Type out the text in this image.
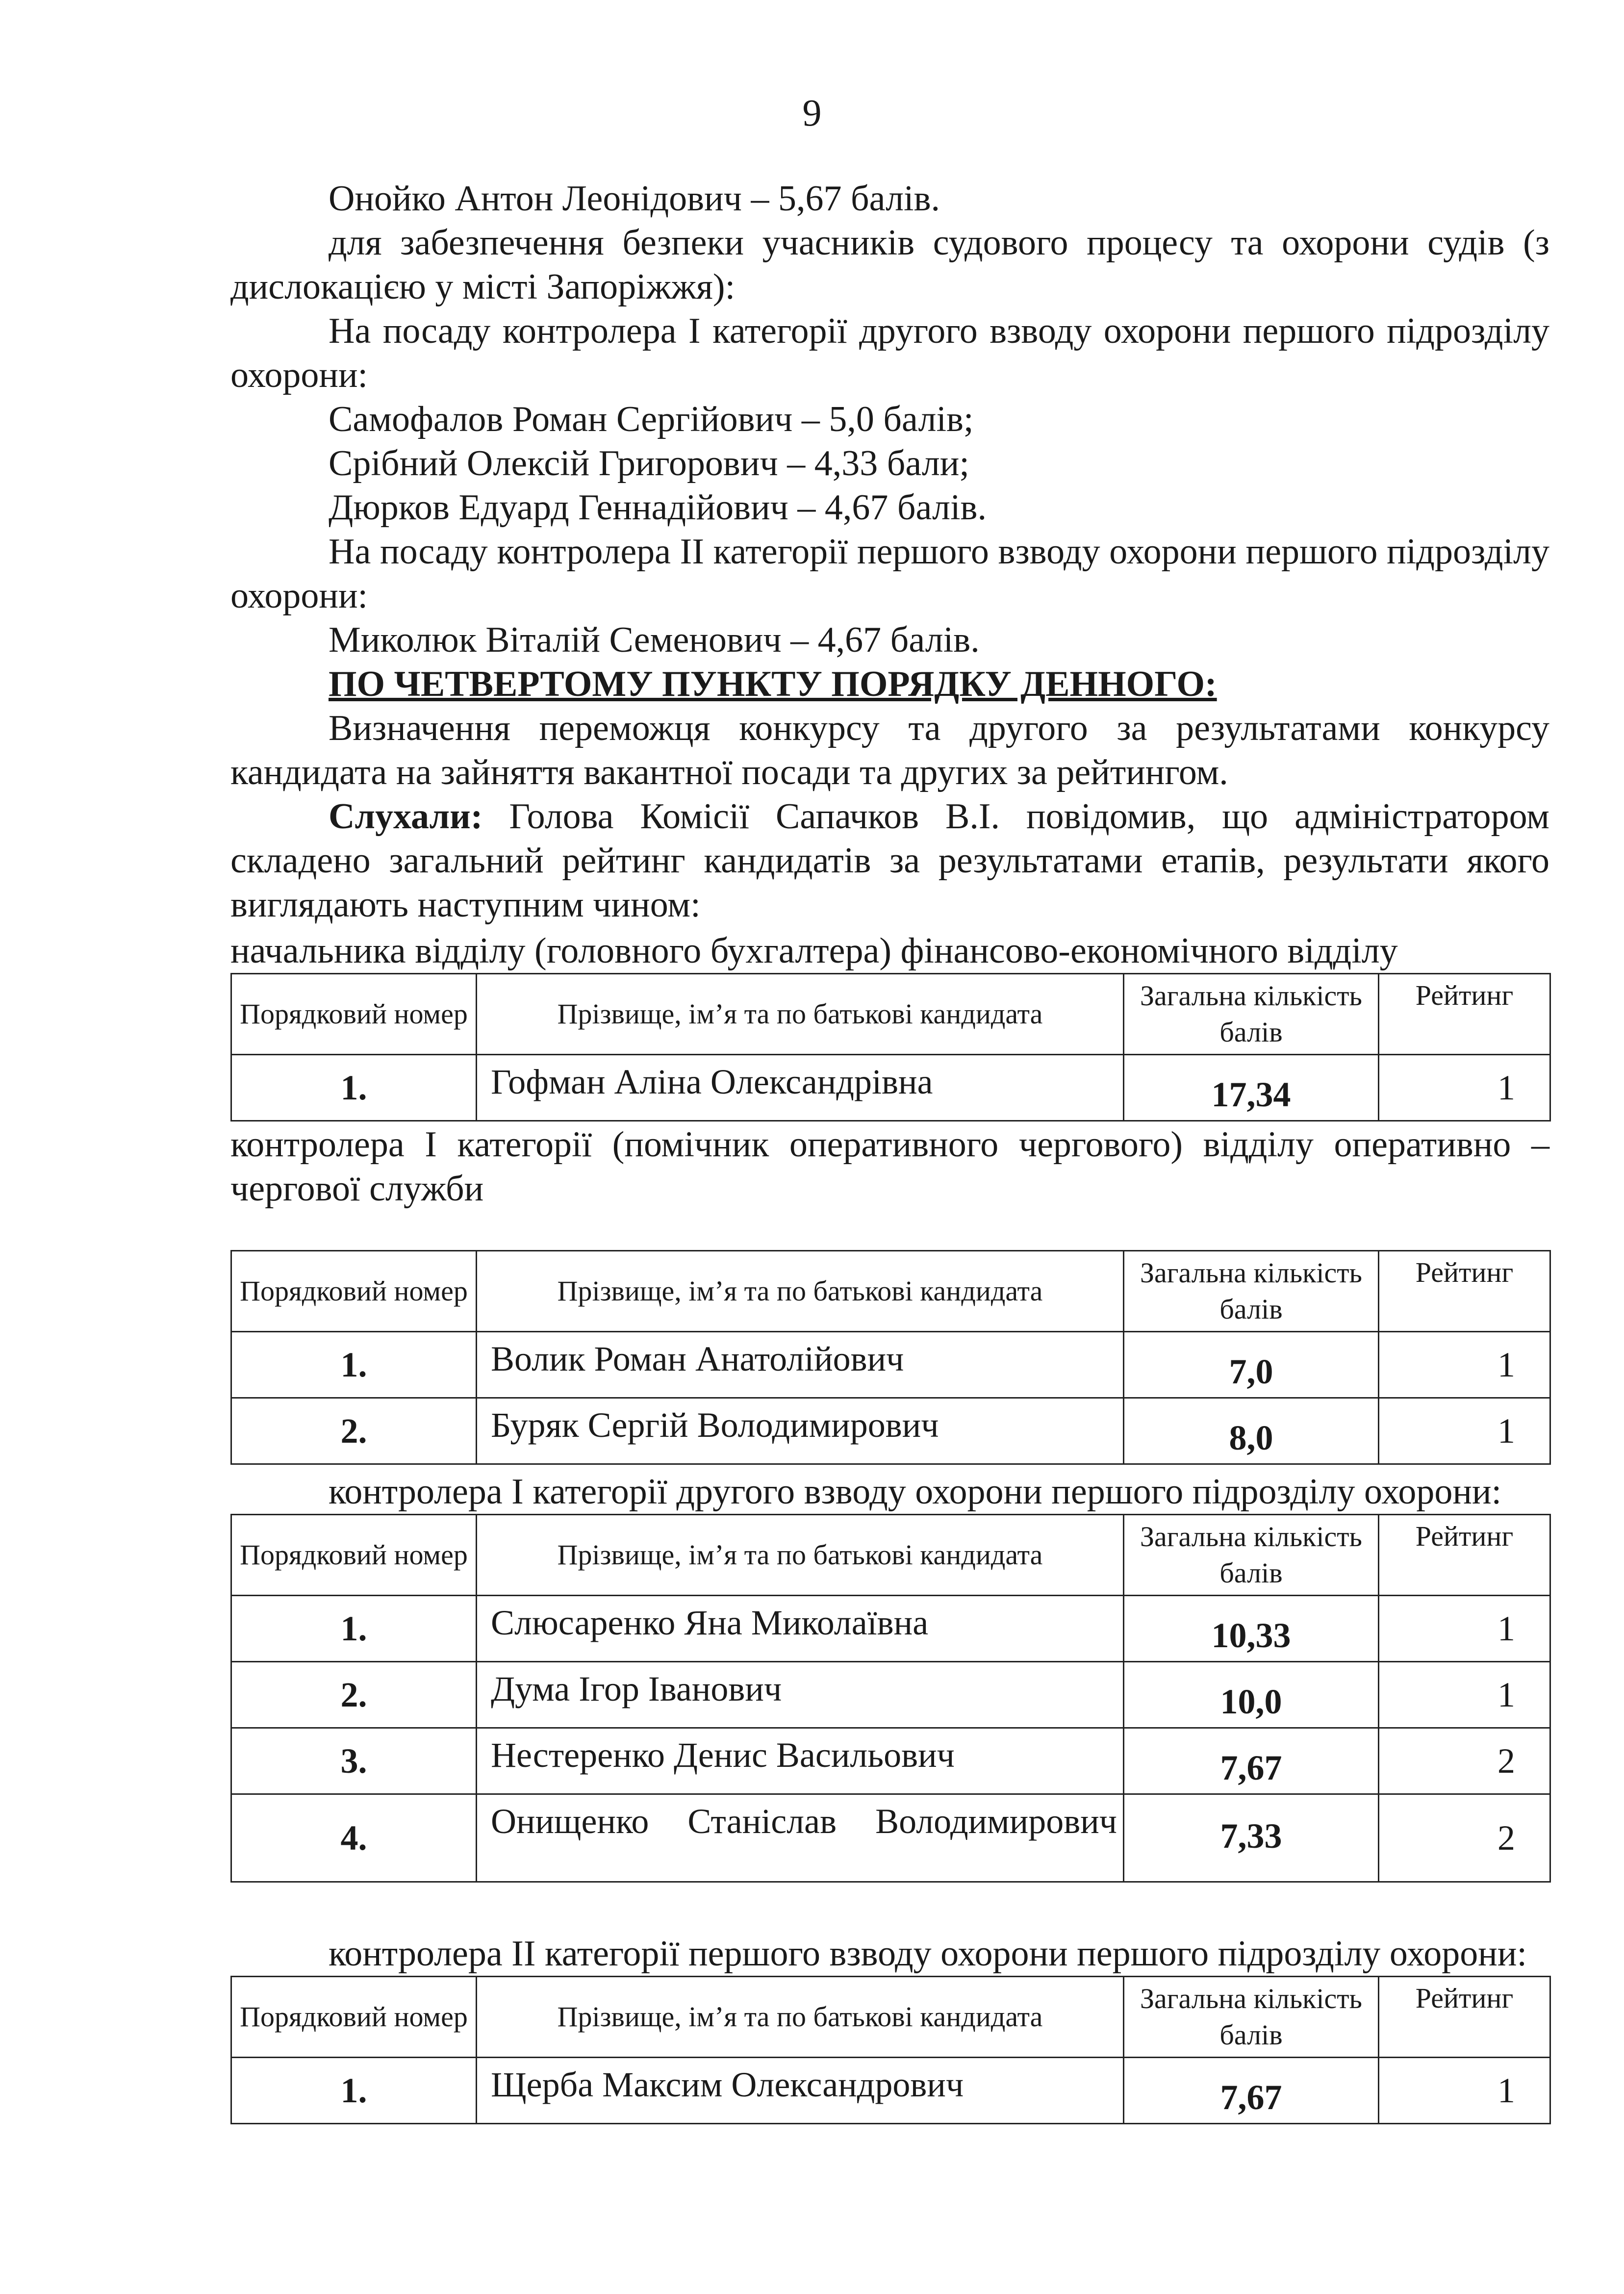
9

Онойко Антон Леонідович – 5,67 балів.

для забезпечення безпеки учасників судового процесу та охорони судів (з дислокацією у місті Запоріжжя):

На посаду контролера I категорії другого взводу охорони першого підрозділу охорони:

Самофалов Роман Сергійович – 5,0 балів;

Срібний Олексій Григорович – 4,33 бали;

Дюрков Едуард Геннадійович – 4,67 балів.

На посаду контролера II категорії першого взводу охорони першого підрозділу охорони:

Миколюк Віталій Семенович – 4,67 балів.

ПО ЧЕТВЕРТОМУ ПУНКТУ ПОРЯДКУ ДЕННОГО:

Визначення переможця конкурсу та другого за результатами конкурсу кандидата на зайняття вакантної посади та других за рейтингом.

Слухали: Голова Комісії Сапачков В.І. повідомив, що адміністратором складено загальний рейтинг кандидатів за результатами етапів, результати якого виглядають наступним чином:

начальника відділу (головного бухгалтера) фінансово-економічного відділу

Порядковий номер	Прізвище, ім’я та по батькові кандидата	Загальна кількість балів	Рейтинг
1.	Гофман Аліна Олександрівна	17,34	1

контролера I категорії (помічник оперативного чергового) відділу оперативно – чергової служби

Порядковий номер	Прізвище, ім’я та по батькові кандидата	Загальна кількість балів	Рейтинг
1.	Волик Роман Анатолійович	7,0	1
2.	Буряк Сергій Володимирович	8,0	1

контролера I категорії другого взводу охорони першого підрозділу охорони:

Порядковий номер	Прізвище, ім’я та по батькові кандидата	Загальна кількість балів	Рейтинг
1.	Слюсаренко Яна Миколаївна	10,33	1
2.	Дума Ігор Іванович	10,0	1
3.	Нестеренко Денис Васильович	7,67	2
4.	Онищенко Станіслав Володимирович	7,33	2

контролера II категорії першого взводу охорони першого підрозділу охорони:

Порядковий номер	Прізвище, ім’я та по батькові кандидата	Загальна кількість балів	Рейтинг
1.	Щерба Максим Олександрович	7,67	1
